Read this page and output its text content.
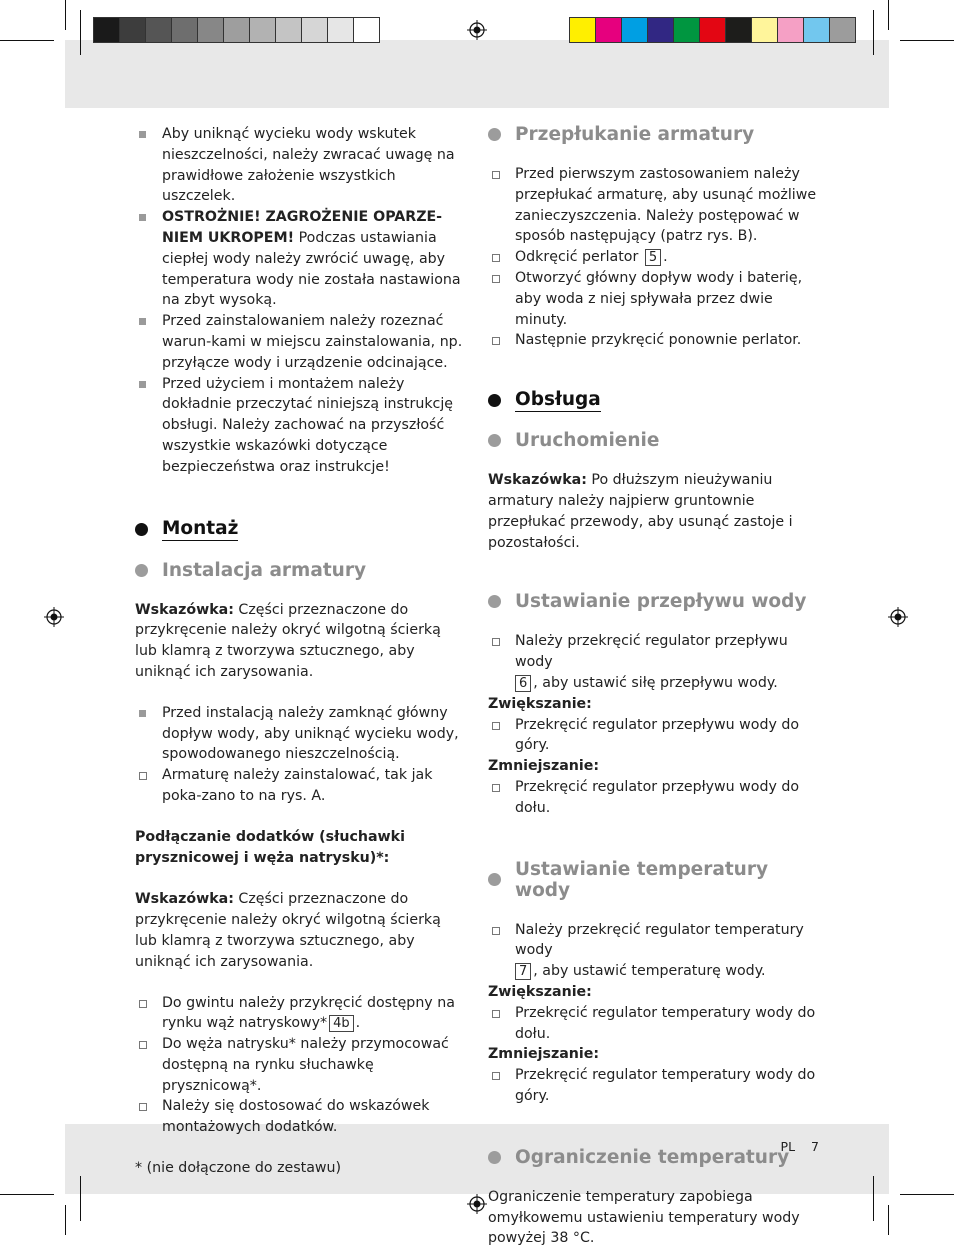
Aby uniknąć wycieku wody wskutek nieszczelności, należy zwracać uwagę na prawidłowe założenie wszystkich uszczelek.
OSTROŻNIE! ZAGROŻENIE OPARZE-NIEM UKROPEM! Podczas ustawiania ciepłej wody należy zwrócić uwagę, aby temperatura wody nie została nastawiona na zbyt wysoką.
Przed zainstalowaniem należy rozeznać warun-kami w miejscu zainstalowania, np. przyłącze wody i urządzenie odcinające.
Przed użyciem i montażem należy dokładnie przeczytać niniejszą instrukcję obsługi. Należy zachować na przyszłość wszystkie wskazówki dotyczące bezpieczeństwa oraz instrukcje!
Montaż
Instalacja armatury
Wskazówka: Części przeznaczone do przykręcenie należy okryć wilgotną ścierką lub klamrą z tworzywa sztucznego, aby uniknąć ich zarysowania.
Przed instalacją należy zamknąć główny dopływ wody, aby uniknąć wycieku wody, spowodowanego nieszczelnością.
Armaturę należy zainstalować, tak jak poka-zano to na rys. A.
Podłączanie dodatków (słuchawki prysznicowej i węża natrysku)*:
Wskazówka: Części przeznaczone do przykręcenie należy okryć wilgotną ścierką lub klamrą z tworzywa sztucznego, aby uniknąć ich zarysowania.
Do gwintu należy przykręcić dostępny na rynku wąż natryskowy* 4b .
Do węża natrysku* należy przymocować dostępną na rynku słuchawkę prysznicową*.
Należy się dostosować do wskazówek montażowych dodatków.
* (nie dołączone do zestawu)
Przepłukanie armatury
Przed pierwszym zastosowaniem należy przepłukać armaturę, aby usunąć możliwe zanieczyszczenia. Należy postępować w sposób następujący (patrz rys. B).
Odkręcić perlator 5 .
Otworzyć główny dopływ wody i baterię, aby woda z niej spływała przez dwie minuty.
Następnie przykręcić ponownie perlator.
Obsługa
Uruchomienie
Wskazówka: Po dłuższym nieużywaniu armatury należy najpierw gruntownie przepłukać przewody, aby usunąć zastoje i pozostałości.
Ustawianie przepływu wody
Należy przekręcić regulator przepływu wody
6 , aby ustawić siłę przepływu wody.
Zwiększanie:
Przekręcić regulator przepływu wody do góry.
Zmniejszanie:
Przekręcić regulator przepływu wody do dołu.
Ustawianie temperatury wody
Należy przekręcić regulator temperatury wody
7 , aby ustawić temperaturę wody.
Zwiększanie:
Przekręcić regulator temperatury wody do dołu.
Zmniejszanie:
Przekręcić regulator temperatury wody do góry.
Ograniczenie temperatury
Ograniczenie temperatury zapobiega omyłkowemu ustawieniu temperatury wody powyżej 38 °C.
PL 7
